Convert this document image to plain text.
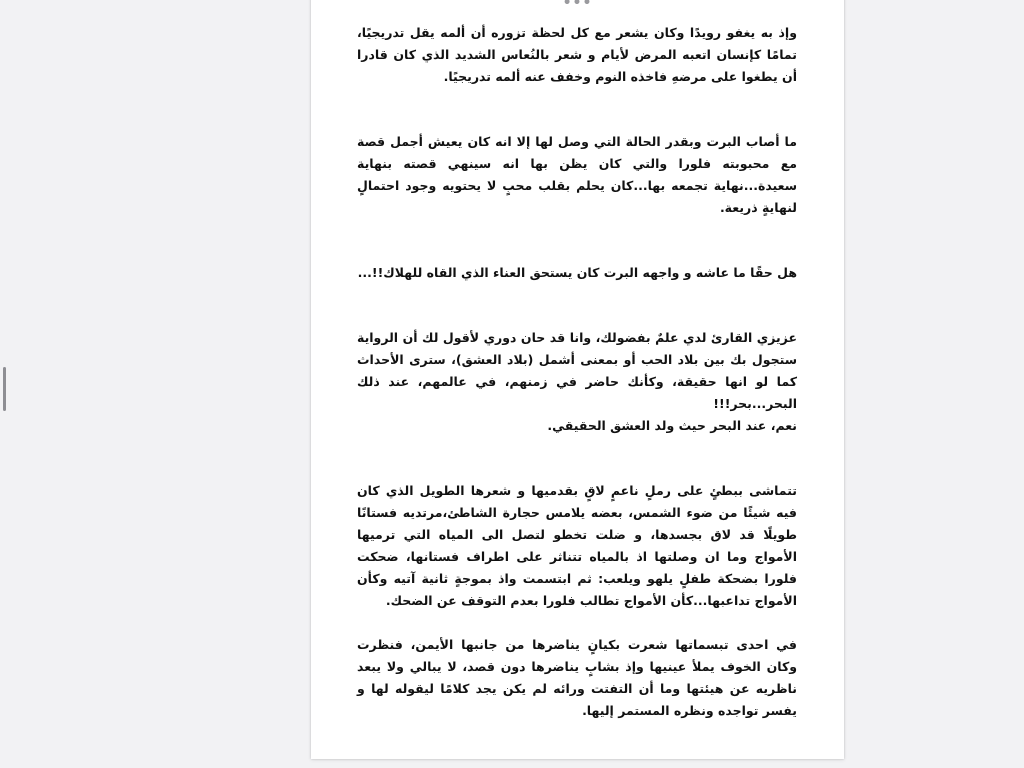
•••

وإذ به يغفو رويدًا وكان يشعر مع كل لحظة تزوره أن ألمه يقل تدريجيًا، تمامًا كإنسان اتعبه المرض لأيام و شعر بالنُعاس الشديد الذي كان قادرا أن يطغوا على مرضهِ فاخذه النوم وخفف عنه ألمه تدريجيًا.

ما أصاب البرت وبقدر الحالة التي وصل لها إلا انه كان يعيش أجمل قصة مع محبوبته فلورا والتي كان يظن بها انه سينهي قصته بنهاية سعيدة...نهاية تجمعه بها...كان يحلم بقلب محبٍ لا يحتويه وجود احتمالٍ لنهايةٍ ذريعة.

هل حقًا ما عاشه و واجهه البرت كان يستحق العناء الذي القاه للهلاك!!...

عزيزي القارئ لدي علمٌ بفضولك، وانا قد حان دوري لأقول لك أن الرواية ستجول بك بين بلاد الحب أو بمعنى أشمل (بلاد العشق)، سترى الأحداث كما لو انها حقيقة، وكأنك حاضر في زمنهم، في عالمهم، عند ذلك البحر...بحر!!!
نعم، عند البحر حيث ولد العشق الحقيقي.

تتماشى ببطئٍ على رملٍ ناعمٍ لاقٍ بقدميها و شعرها الطويل الذي كان فيه شيئًا من ضوء الشمس، بعضه يلامس حجارة الشاطئ،مرتديه فستانًا طويلًا قد لاق بجسدها، و ضلت تخطو لتصل الى المياه التي ترميها الأمواج وما ان وصلتها اذ بالمياه تتناثر على اطراف فستانها، ضحكت فلورا بضحكة طفلٍ يلهو ويلعب: ثم ابتسمت واذ بموجةٍ ثانية آتيه وكأن الأمواج تداعبها...كأن الأمواج تطالب فلورا بعدم التوقف عن الضحك.

في احدى تبسماتها شعرت بكيانٍ يناضرها من جانبها الأيمن، فنظرت وكان الخوف يملأ عينيها وإذ بشابٍ يناضرها دون قصد، لا يبالي ولا يبعد ناظريه عن هيئتها وما أن التفتت ورائه لم يكن يجد كلامًا ليقوله لها و يفسر تواجده ونظره المستمر إليها.
